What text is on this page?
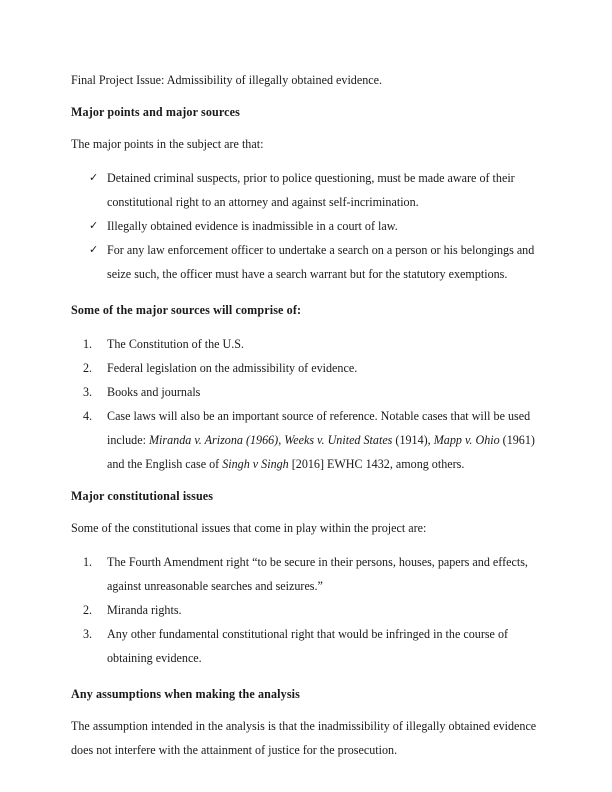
Final Project Issue: Admissibility of illegally obtained evidence.

Major points and major sources

The major points in the subject are that:

✓ Detained criminal suspects, prior to police questioning, must be made aware of their constitutional right to an attorney and against self-incrimination.
✓ Illegally obtained evidence is inadmissible in a court of law.
✓ For any law enforcement officer to undertake a search on a person or his belongings and seize such, the officer must have a search warrant but for the statutory exemptions.
Some of the major sources will comprise of:
The Constitution of the U.S.
Federal legislation on the admissibility of evidence.
Books and journals
Case laws will also be an important source of reference. Notable cases that will be used include: Miranda v. Arizona (1966), Weeks v. United States (1914), Mapp v. Ohio (1961) and the English case of Singh v Singh [2016] EWHC 1432, among others.
Major constitutional issues

Some of the constitutional issues that come in play within the project are:

The Fourth Amendment right “to be secure in their persons, houses, papers and effects, against unreasonable searches and seizures.”
Miranda rights.
Any other fundamental constitutional right that would be infringed in the course of obtaining evidence.
Any assumptions when making the analysis

The assumption intended in the analysis is that the inadmissibility of illegally obtained evidence does not interfere with the attainment of justice for the prosecution.
